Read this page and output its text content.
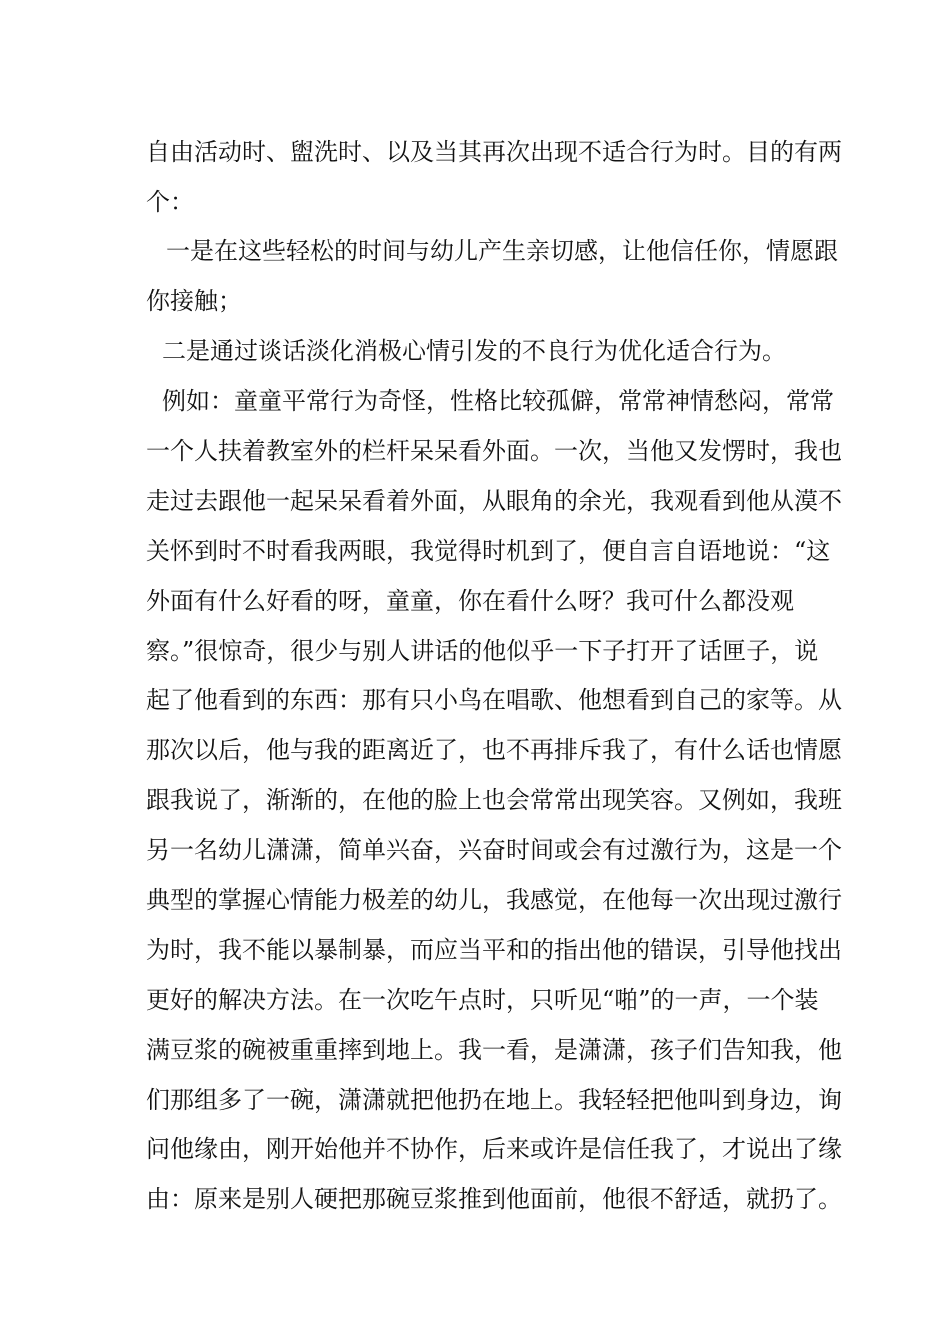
自由活动时、盥洗时、以及当其再次出现不适合行为时。目的有两

个：

一是在这些轻松的时间与幼儿产生亲切感，让他信任你，情愿跟

你接触；

二是通过谈话淡化消极心情引发的不良行为优化适合行为。

例如：童童平常行为奇怪，性格比较孤僻，常常神情愁闷，常常

一个人扶着教室外的栏杆呆呆看外面。一次，当他又发愣时，我也

走过去跟他一起呆呆看着外面，从眼角的余光，我观看到他从漠不

关怀到时不时看我两眼，我觉得时机到了，便自言自语地说：“这

外面有什么好看的呀，童童，你在看什么呀？我可什么都没观

察。”很惊奇，很少与别人讲话的他似乎一下子打开了话匣子，说

起了他看到的东西：那有只小鸟在唱歌、他想看到自己的家等。从

那次以后，他与我的距离近了，也不再排斥我了，有什么话也情愿

跟我说了，渐渐的，在他的脸上也会常常出现笑容。又例如，我班

另一名幼儿潇潇，简单兴奋，兴奋时间或会有过激行为，这是一个

典型的掌握心情能力极差的幼儿，我感觉，在他每一次出现过激行

为时，我不能以暴制暴，而应当平和的指出他的错误，引导他找出

更好的解决方法。在一次吃午点时，只听见“啪”的一声，一个装

满豆浆的碗被重重摔到地上。我一看，是潇潇，孩子们告知我，他

们那组多了一碗，潇潇就把他扔在地上。我轻轻把他叫到身边，询

问他缘由，刚开始他并不协作，后来或许是信任我了，才说出了缘

由：原来是别人硬把那碗豆浆推到他面前，他很不舒适，就扔了。
